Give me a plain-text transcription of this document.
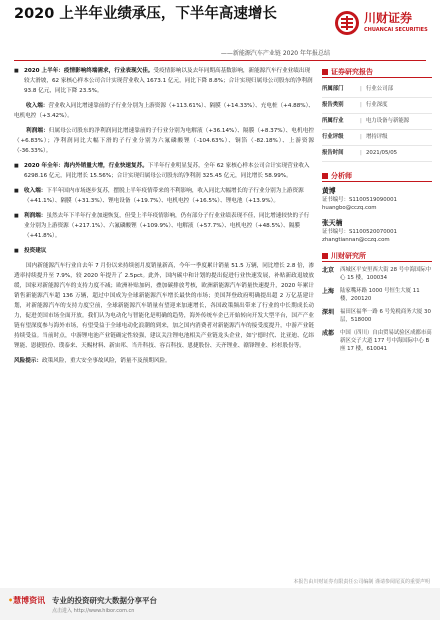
2020 上半年业绩承压，下半年高速增长
——新能源汽车产业链 2020 年年报总结
川财证券
CHUANCAI SECURITIES
■ 2020 上半年：疫情影响终端需求，行业表现欠佳。受疫情影响以及去年同期高基数影响，新能源汽车行业业绩出现较大滑坡，62 家核心样本公司合计实现营业收入 1673.1 亿元，同比下降 8.8%；合计实现归属母公司股东的净利润 93.8 亿元，同比下降 23.5%。
收入端：营业收入同比增速靠前的子行业分别为上游资源（+113.61%）、隔膜（+14.33%）、充电桩（+4.88%）、电机电控（+3.42%）。
利润端：归属母公司股东的净利润同比增速靠前的子行业分别为电解液（+36.14%）、隔膜（+8.37%）、电机电控（+6.83%）；净利润同比大幅下滑的子行业分别为六氟磷酸锂（-104.63%）、铜箔（-82.18%）、上游资源（-36.33%）。
■ 2020 年全年：海内外销量大增，行业快速复苏。下半年行业明显复苏，全年 62 家核心样本公司合计实现营业收入 6298.16 亿元，同比增长 15.56%；合计实现归属母公司股东的净利润 325.45 亿元，同比增长 58.99%。
■ 收入端：下半年国内市场逐步复苏，摆脱上半年疫情带来的不利影响，收入同比大幅增长的子行业分别为上游资源（+41.1%）、隔膜（+31.3%）、锂电设备（+19.7%）、电机电控（+16.5%）、锂电池（+13.9%）。
■ 利润端：虽然去年下半年行业加速恢复，但受上半年疫情影响，仍有部分子行业业绩表现不佳，同比增速较快的子行业分别为上游资源（+217.1%）、六氟磷酸锂（+109.9%）、电解液（+57.7%）、电机电控（+48.5%）、隔膜（+41.8%）。
■ 投资建议
国内新能源汽车行业自去年 7 月份以来持续创月度销量新高，今年一季度累计销量 51.5 万辆，同比增长 2.8 倍，渗透率持续提升至 7.9%，较 2020 年提升了 2.5pct。此外，国内碳中和计划的提出促进行业快速发展，补贴新政退坡放缓，国家对新能源汽车的支持力度不减；欧洲补贴加码，叠加碳排放考核，欧洲新能源汽车销量快速提升，2020 年累计销售新能源汽车超 136 万辆，超过中国成为全球新能源汽车增长最快的市场；美国拜登政府明确提出超 2 万亿基建计划，对新能源汽车的支持力度空前，全球新能源汽车销量有望迎来加速增长，各国政策频出带来了行业的中长期成长动力，促进美国市场全面开放。我们认为电动化与智能化是明确的趋势，海外传统车企已开始转向开发大型平台，国产产业链有望深度参与海外市场，有望受益于全球电动化浪潮的到来，加之国内消费者对新能源汽车的接受度提升，中游产业链持续受益。当前时点，中游锂电池产业链确定性较强，建议关注锂电池相关产业链龙头企业，如宁德时代、比亚迪、亿纬锂能、恩捷股份、璞泰来、天赐材料、新宙邦、当升科技、容百科技、恩捷股份、天齐锂业、赣锋锂业、杉杉股份等。
风险提示：政策风险，重大安全事故风险，销量不及预期风险。
证券研究报告
所属部门	| 行业公司部
报告类别	| 行业深度
所属行业	| 电力设备与新能源
行业评级	| 增持评级
报告时间	| 2021/05/05
分析师
黄博
证书编号：S1100519090001
huangbo@cczq.com
张天楠
证书编号：S1100520070001
zhangtiannan@cczq.com
川财研究所
北京	西城区平安里西大街 28 号中海国际中心 15 楼，100034
上海	陆家嘴环路 1000 号恒生大厦 11 楼，200120
深圳	福田区福华一路 6 号免税商务大厦 30 层，518000
成都	中国（四川）自由贸易试验区成都市高新区交子大道 177 号中海国际中心 B 座 17 楼，610041
本报告由川财证券有限责任公司编制 谨请参阅尾页的重要声明
•慧博资讯 专业的投资研究大数据分享平台
点击进入 http://www.hibor.com.cn
